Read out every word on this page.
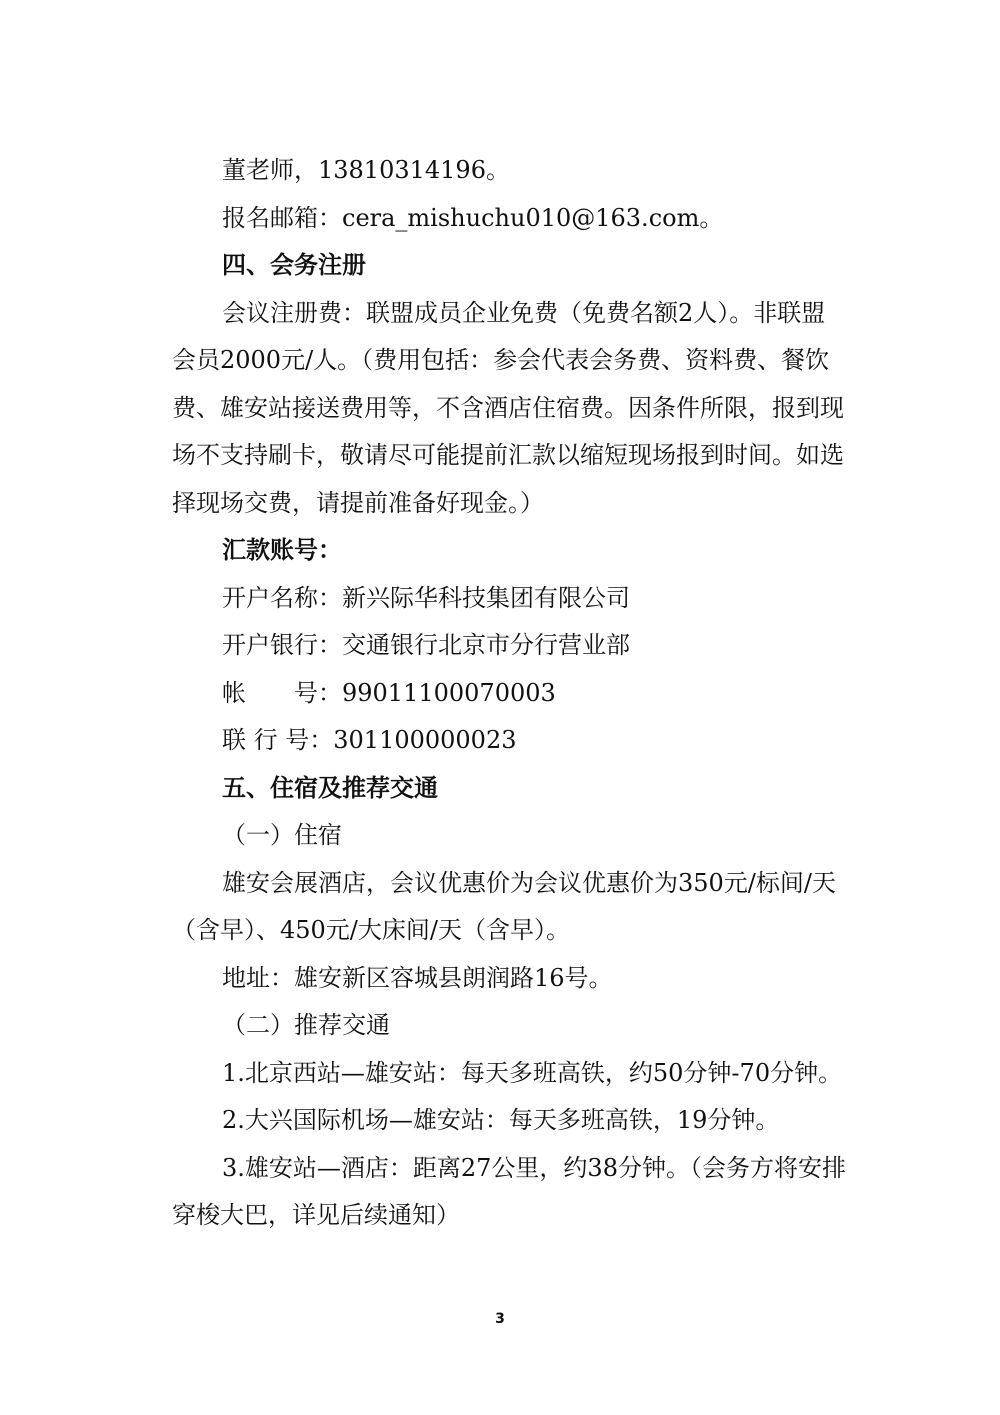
董老师，13810314196。

报名邮箱：cera_mishuchu010@163.com。

四、会务注册

会议注册费：联盟成员企业免费（免费名额2人）。非联盟会员2000元/人。（费用包括：参会代表会务费、资料费、餐饮费、雄安站接送费用等，不含酒店住宿费。因条件所限，报到现场不支持刷卡，敬请尽可能提前汇款以缩短现场报到时间。如选择现场交费，请提前准备好现金。）

汇款账号：

开户名称：新兴际华科技集团有限公司

开户银行：交通银行北京市分行营业部

帐　　号：99011100070003

联 行 号：301100000023

五、住宿及推荐交通

（一）住宿

雄安会展酒店，会议优惠价为会议优惠价为350元/标间/天（含早）、450元/大床间/天（含早）。

地址：雄安新区容城县朗润路16号。

（二）推荐交通

1.北京西站—雄安站：每天多班高铁，约50分钟-70分钟。

2.大兴国际机场—雄安站：每天多班高铁，19分钟。

3.雄安站—酒店：距离27公里，约38分钟。（会务方将安排穿梭大巴，详见后续通知）

3
